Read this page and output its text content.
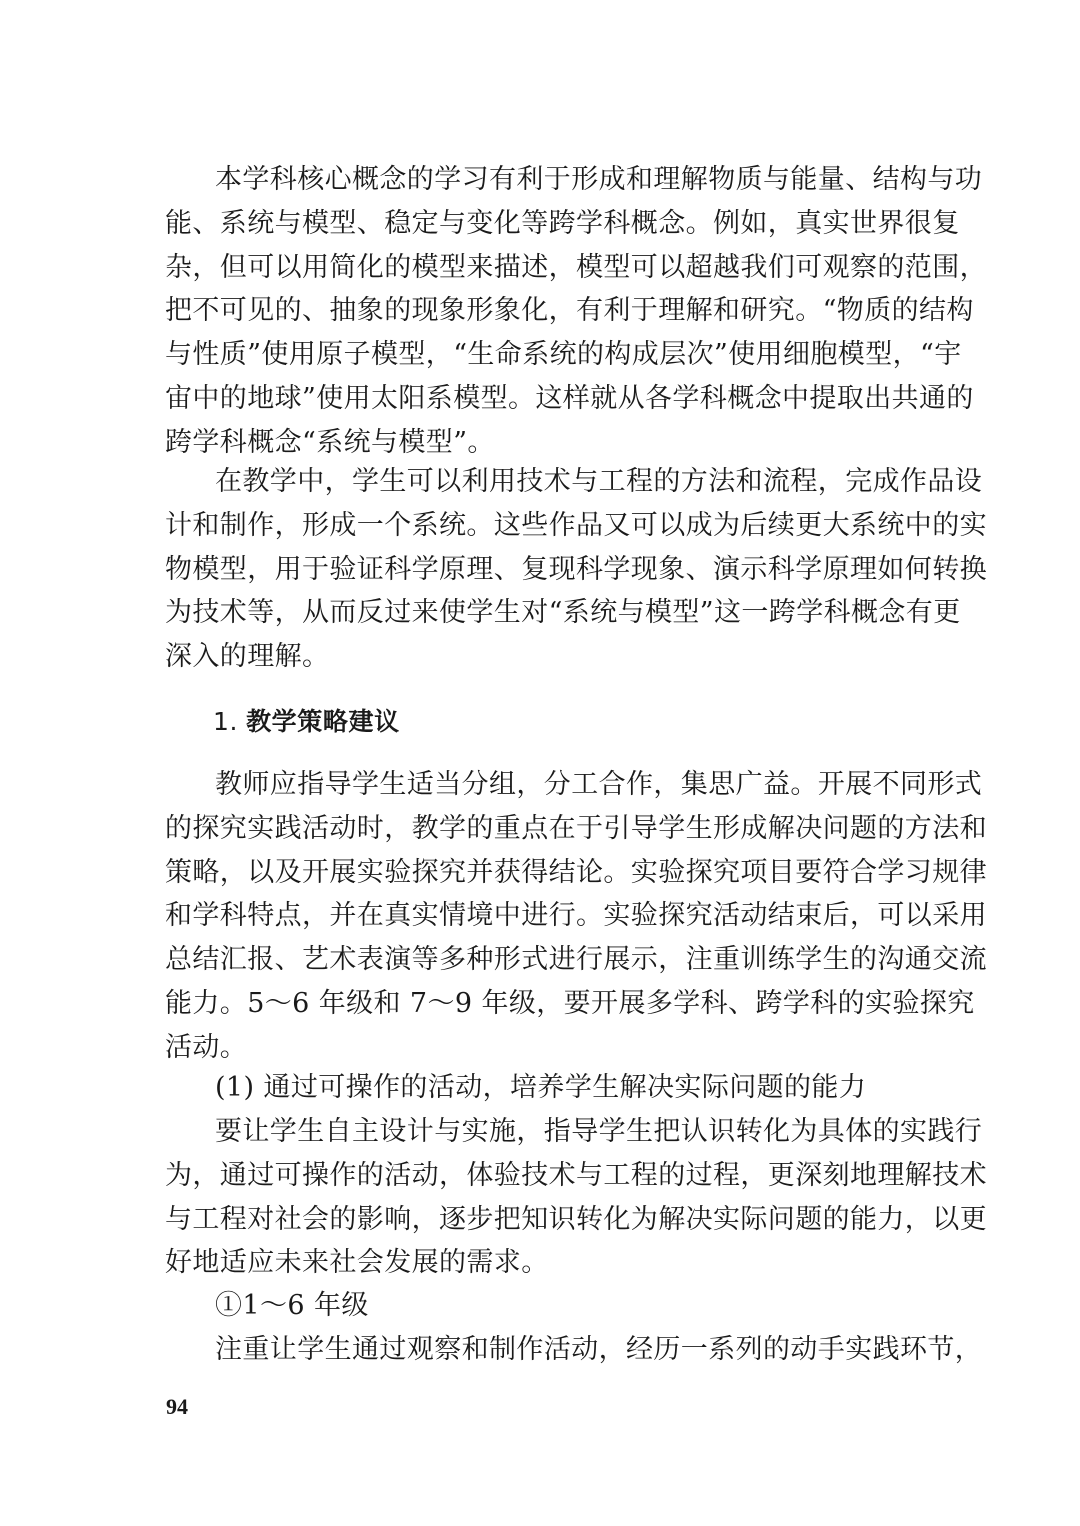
本学科核心概念的学习有利于形成和理解物质与能量、结构与功
能、系统与模型、稳定与变化等跨学科概念。例如，真实世界很复
杂，但可以用简化的模型来描述，模型可以超越我们可观察的范围，
把不可见的、抽象的现象形象化，有利于理解和研究。“物质的结构
与性质”使用原子模型，“生命系统的构成层次”使用细胞模型，“宇
宙中的地球”使用太阳系模型。这样就从各学科概念中提取出共通的
跨学科概念“系统与模型”。
在教学中，学生可以利用技术与工程的方法和流程，完成作品设
计和制作，形成一个系统。这些作品又可以成为后续更大系统中的实
物模型，用于验证科学原理、复现科学现象、演示科学原理如何转换
为技术等，从而反过来使学生对“系统与模型”这一跨学科概念有更
深入的理解。
1. 教学策略建议
教师应指导学生适当分组，分工合作，集思广益。开展不同形式
的探究实践活动时，教学的重点在于引导学生形成解决问题的方法和
策略，以及开展实验探究并获得结论。实验探究项目要符合学习规律
和学科特点，并在真实情境中进行。实验探究活动结束后，可以采用
总结汇报、艺术表演等多种形式进行展示，注重训练学生的沟通交流
能力。5～6 年级和 7～9 年级，要开展多学科、跨学科的实验探究
活动。
(1) 通过可操作的活动，培养学生解决实际问题的能力
要让学生自主设计与实施，指导学生把认识转化为具体的实践行
为，通过可操作的活动，体验技术与工程的过程，更深刻地理解技术
与工程对社会的影响，逐步把知识转化为解决实际问题的能力，以更
好地适应未来社会发展的需求。
①1～6 年级
注重让学生通过观察和制作活动，经历一系列的动手实践环节，
94
